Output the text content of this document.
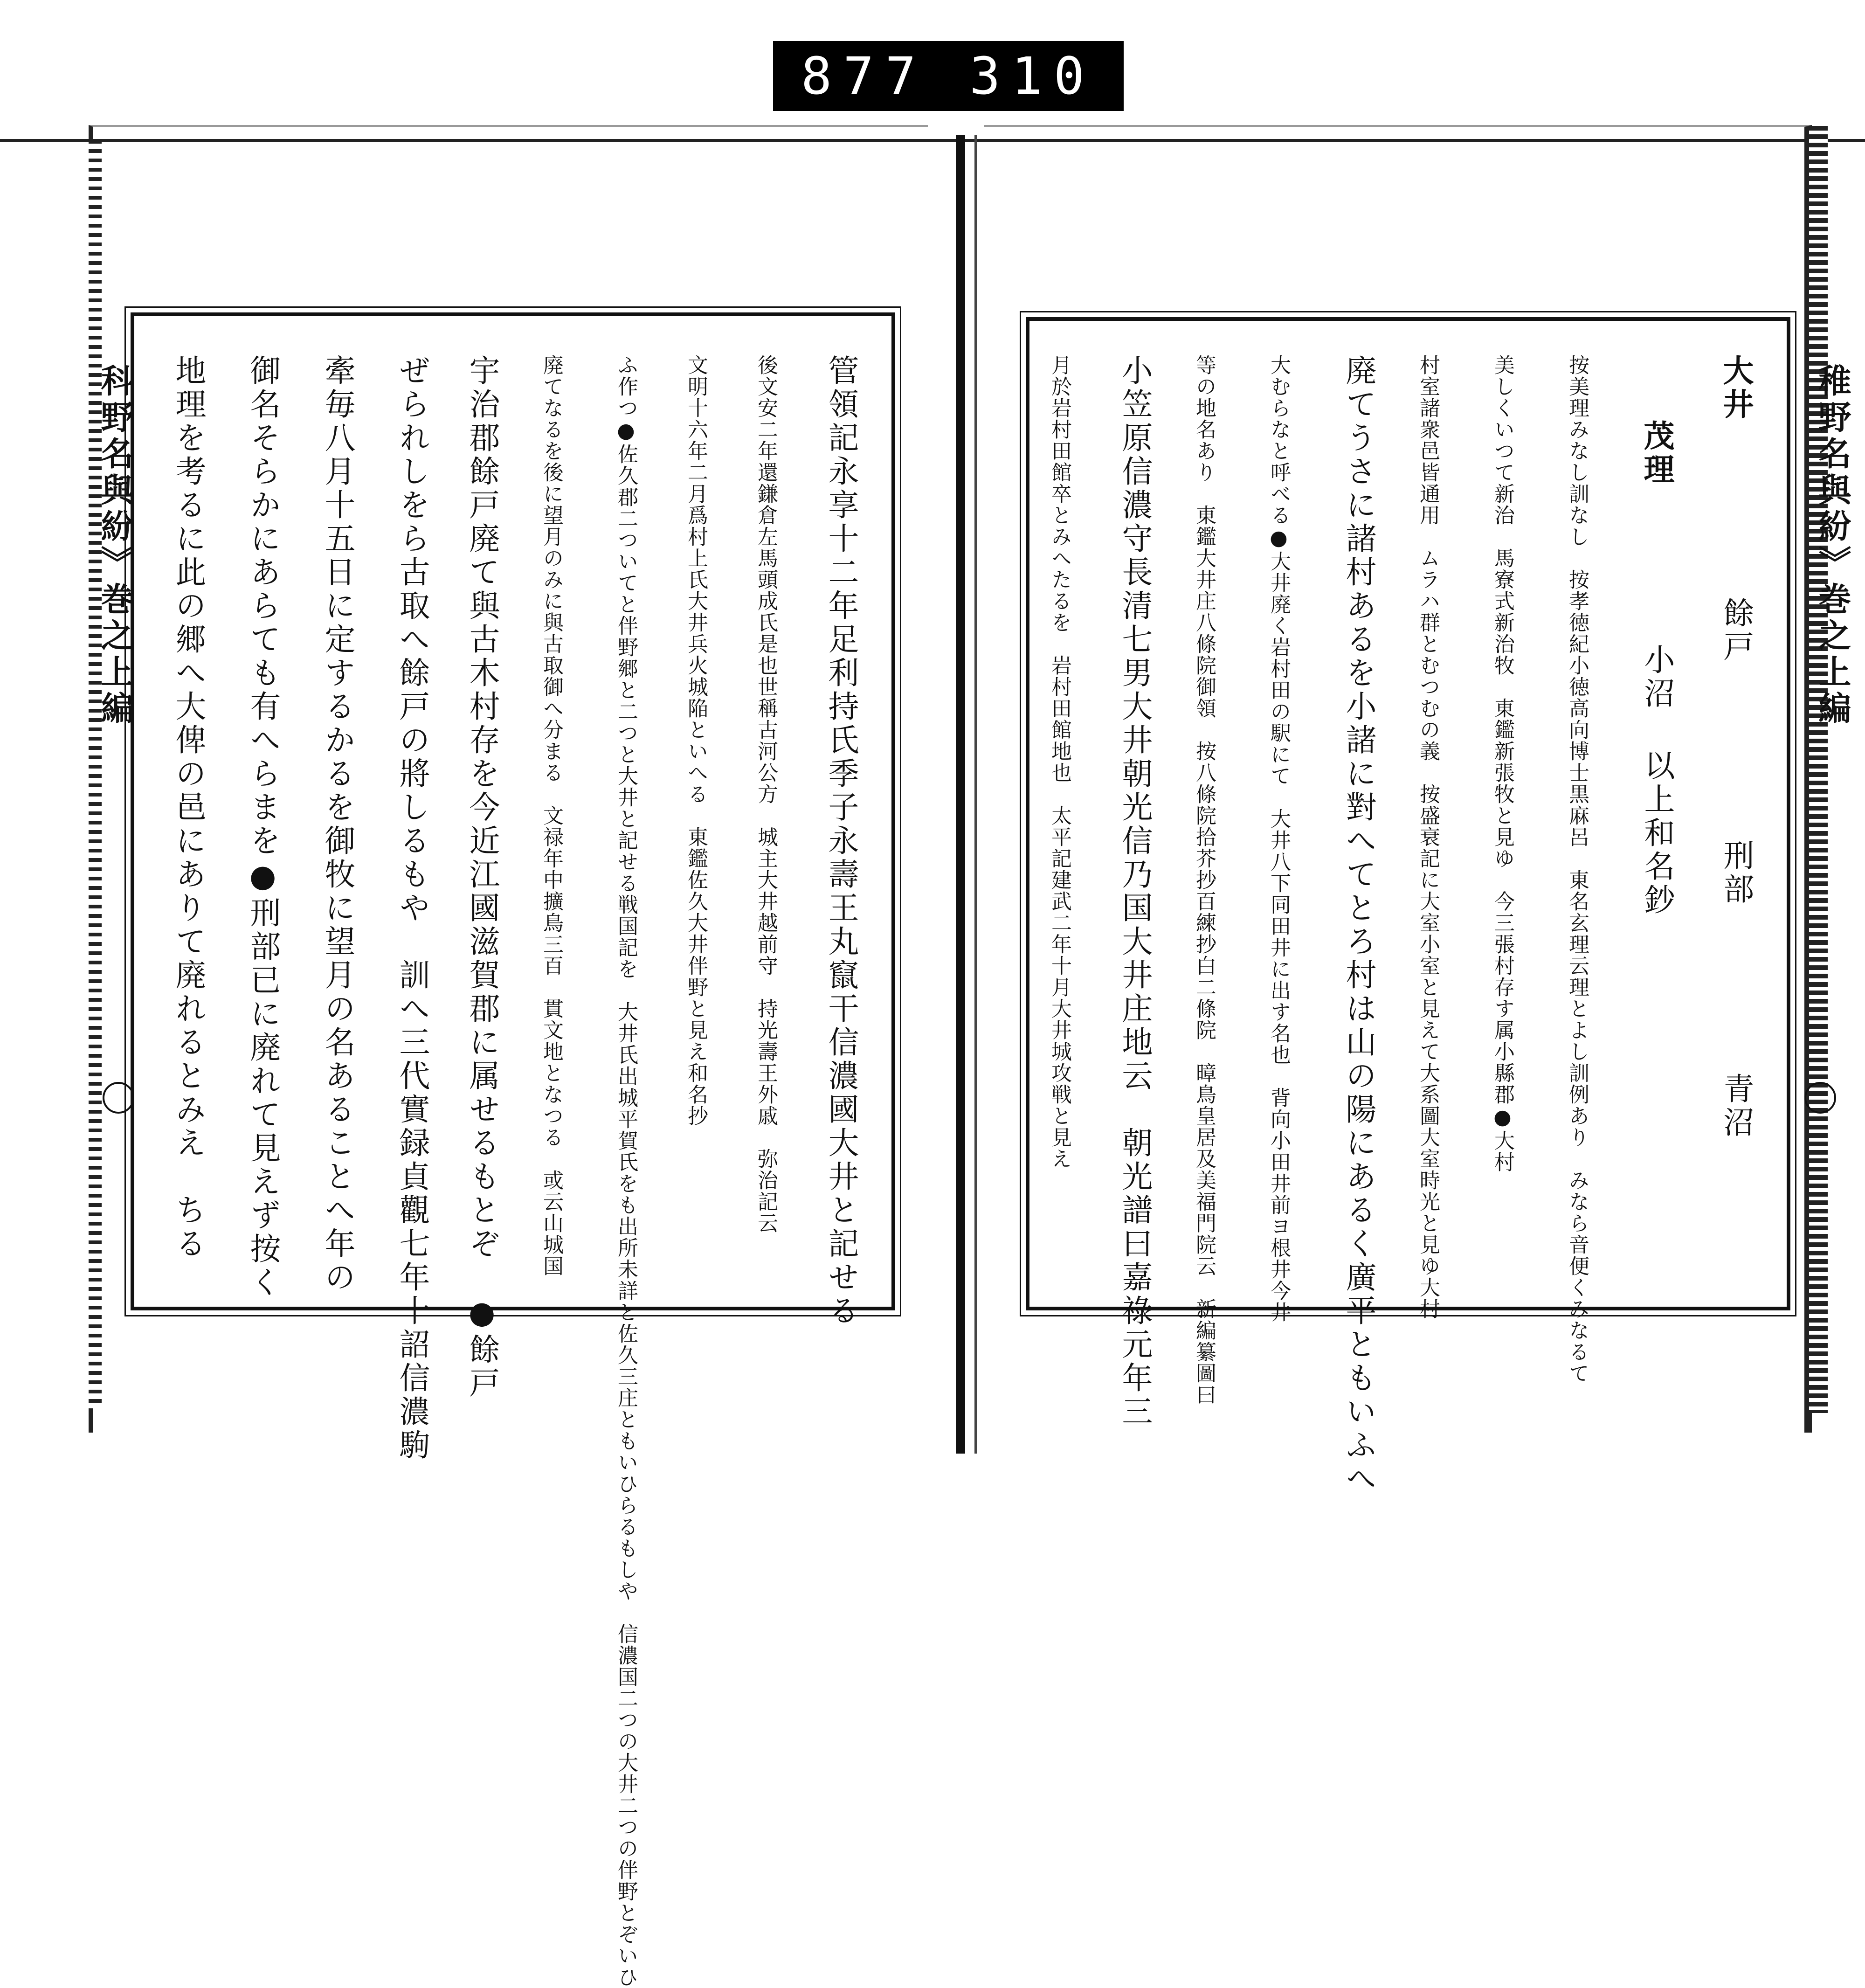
877 310
稚野名與紛》巻之上編
科野名與紛》巻之上編	大井
餘戸
刑部
青沼
茂理
小沼 以上和名鈔
按美理みなし訓なし　按孝徳紀小徳高向博士黒麻呂　東名玄理云理とよし訓例あり　みなら音便くみなるて
美しくいつて新治　馬寮式新治牧　東鑑新張牧と見ゆ　今三張村存す属小縣郡●大村
村室諸衆邑皆通用　ムラハ群とむつむの義　按盛衰記に大室小室と見えて大系圖大室時光と見ゆ大村
廃てうさに諸村あるを小諸に對へてとろ村は山の陽にあるく廣平ともいふへ
大むらなと呼べる●大井廃く岩村田の駅にて　大井八下同田井に出す名也　背向小田井前ヨ根井今井
等の地名あり　東鑑大井庄八條院御領　按八條院拾芥抄百練抄白二條院　暲鳥皇居及美福門院云　新編纂圖曰
小笠原信濃守長清七男大井朝光信乃国大井庄地云　朝光譜曰嘉祿元年三
月於岩村田館卒とみへたるを　岩村田館地也　太平記建武二年十月大井城攻戦と見え
管領記永享十二年足利持氏季子永壽王丸竄干信濃國大井と記せる
後文安二年還鎌倉左馬頭成氏是也世稱古河公方　城主大井越前守　持光壽王外戚　弥治記云
文明十六年二月爲村上氏大井兵火城陥といへる　東鑑佐久大井伴野と見え和名抄
ふ作つ●佐久郡二ついてと伴野郷と二つと大井と記せる戦国記を　大井氏出城平賀氏をも出所未詳と佐久三庄ともいひらるもしや　信濃国二つの大井二つの伴野とぞいひ
廃てなるを後に望月のみに與古取御へ分まる　文禄年中擴鳥三百　貫文地となつる　或云山城国
宇治郡餘戸廃て與古木村存を今近江國滋賀郡に属せるもとぞ　●餘戸
ぜられしをら古取へ餘戸の將しるもや　訓へ三代實録貞觀七年十詔信濃駒
牽毎八月十五日に定するかるを御牧に望月の名あることへ年の
御名そらかにあらても有へらまを●刑部已に廃れて見えず按く
地理を考るに此の郷へ大俾の邑にありて廃れるとみえ　ちる
